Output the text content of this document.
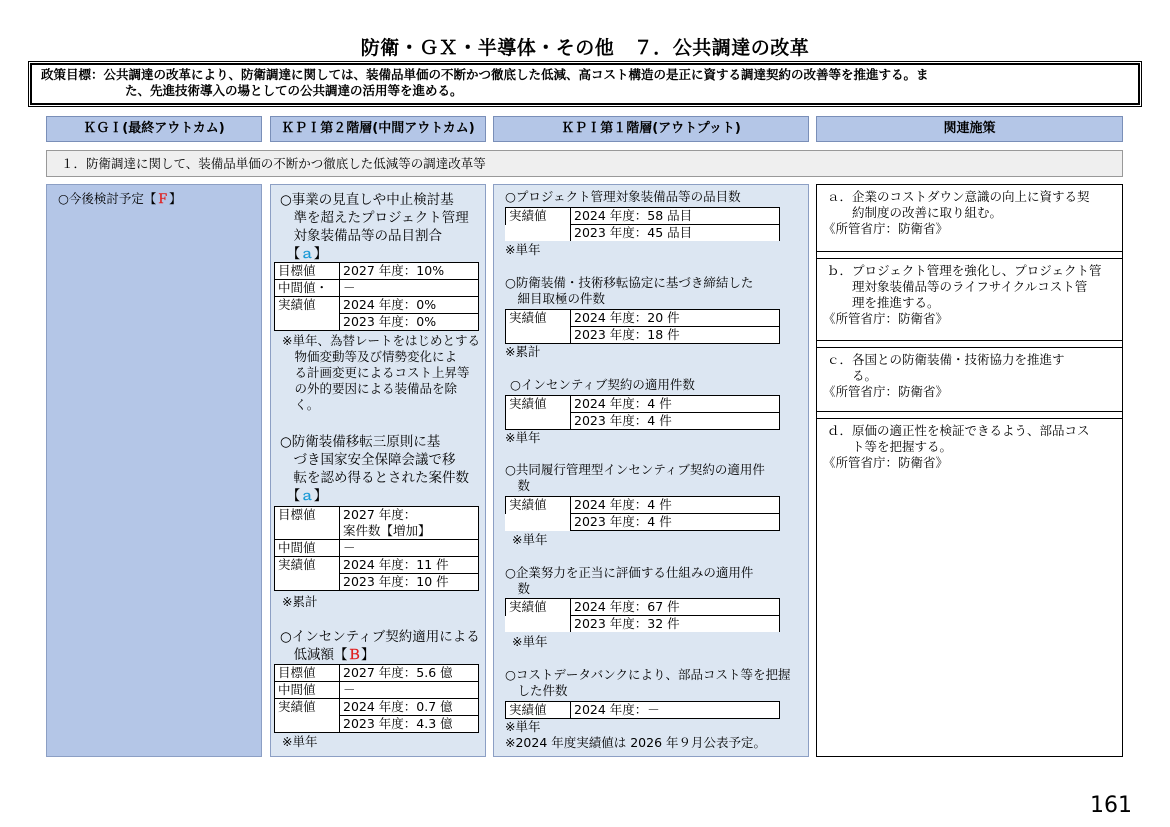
防衛・ＧＸ・半導体・その他　７．公共調達の改革
政策目標： 公共調達の改革により、防衛調達に関しては、装備品単価の不断かつ徹底した低減、高コスト構造の是正に資する調達契約の改善等を推進する。ま
た、先進技術導入の場としての公共調達の活用等を進める。
ＫＧＩ(最終アウトカム)	ＫＰＩ第２階層(中間アウトカム)	ＫＰＩ第１階層(アウトプット)	関連施策
１．防衛調達に関して、装備品単価の不断かつ徹底した低減等の調達改革等
ａ．企業のコストダウン意識の向上に資する契
　　約制度の改善に取り組む。
《所管省庁：防衛省》
ｂ．プロジェクト管理を強化し、プロジェクト管
　　理対象装備品等のライフサイクルコスト管
　　理を推進する。
《所管省庁：防衛省》
ｃ．各国との防衛装備・技術協力を推進す
　　る。
《所管省庁：防衛省》
ｄ．原価の適正性を検証できるよう、部品コス
　　ト等を把握する。
《所管省庁：防衛省》
○今後検討予定【Ｆ】	○事業の見直しや中止検討基
　準を超えたプロジェクト管理
　対象装備品等の品目割合
　【ａ】
目標値	2027 年度：10%
中間値・	－
実績値	2024 年度：0%
	2023 年度：0%
※単年、為替レートをはじめとする
　物価変動等及び情勢変化によ
　る計画変更によるコスト上昇等
　の外的要因による装備品を除
　く。
○防衛装備移転三原則に基
　づき国家安全保障会議で移
　転を認め得るとされた案件数
　【ａ】
目標値	2027 年度：
	案件数【増加】
中間値	－
実績値	2024 年度：11 件
	2023 年度：10 件
※累計
○インセンティブ契約適用による
　低減額【Ｂ】
目標値	2027 年度：5.6 億
中間値	－
実績値	2024 年度：0.7 億
	2023 年度：4.3 億
※単年
○プロジェクト管理対象装備品等の品目数
実績値	2024 年度：58 品目
	2023 年度：45 品目
※単年
○防衛装備・技術移転協定に基づき締結した
　細目取極の件数
実績値	2024 年度：20 件
	2023 年度：18 件
※累計
○インセンティブ契約の適用件数
実績値	2024 年度：4 件
	2023 年度：4 件
※単年
○共同履行管理型インセンティブ契約の適用件
　数
実績値	2024 年度：4 件
	2023 年度：4 件
※単年
○企業努力を正当に評価する仕組みの適用件
　数
実績値	2024 年度：67 件
	2023 年度：32 件
※単年
○コストデータバンクにより、部品コスト等を把握
　した件数
実績値	2024 年度：－
※単年
※2024 年度実績値は 2026 年９月公表予定。
161
